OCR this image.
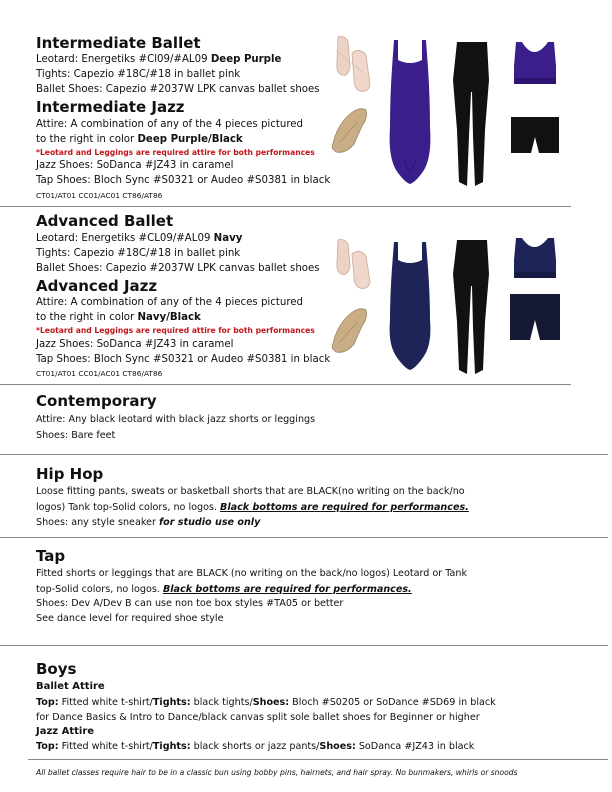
Intermediate Ballet
Leotard: Energetiks #Cl09/#AL09 Deep Purple
Tights: Capezio #18C/#18 in ballet pink
Ballet Shoes: Capezio #2037W LPK canvas ballet shoes
Intermediate Jazz
Attire: A combination of any of the 4 pieces pictured
to the right in color Deep Purple/Black
*Leotard and Leggings are required attire for both performances
Jazz Shoes: SoDanca #JZ43 in caramel
Tap Shoes: Bloch Sync #S0321 or Audeo #S0381 in black
CT01/AT01 CC01/AC01 CT86/AT86
Advanced Ballet
Leotard: Energetiks #CL09/#AL09 Navy
Tights: Capezio #18C/#18 in ballet pink
Ballet Shoes: Capezio #2037W LPK canvas ballet shoes
Advanced Jazz
Attire: A combination of any of the 4 pieces pictured
to the right in color Navy/Black
*Leotard and Leggings are required attire for both performances
Jazz Shoes: SoDanca #JZ43 in caramel
Tap Shoes: Bloch Sync #S0321 or Audeo #S0381 in black
CT01/AT01 CC01/AC01 CT86/AT86
Contemporary
Attire: Any black leotard with black jazz shorts or leggings
Shoes: Bare feet
Hip Hop
Loose fitting pants, sweats or basketball shorts that are BLACK(no writing on the back/no logos) Tank top-Solid colors, no logos. Black bottoms are required for performances.
Shoes: any style sneaker for studio use only
Tap
Fitted shorts or leggings that are BLACK (no writing on the back/no logos) Leotard or Tank top-Solid colors, no logos. Black bottoms are required for performances.
Shoes: Dev A/Dev B can use non toe box styles #TA05 or better
See dance level for required shoe style
Boys
Ballet Attire
Top: Fitted white t-shirt/Tights: black tights/Shoes: Bloch #S0205 or SoDance #SD69 in black
for Dance Basics & Intro to Dance/black canvas split sole ballet shoes for Beginner or higher
Jazz Attire
Top: Fitted white t-shirt/Tights: black shorts or jazz pants/Shoes: SoDanca #JZ43 in black
All ballet classes require hair to be in a classic bun using bobby pins, hairnets, and hair spray. No bunmakers, whirls or snoods
